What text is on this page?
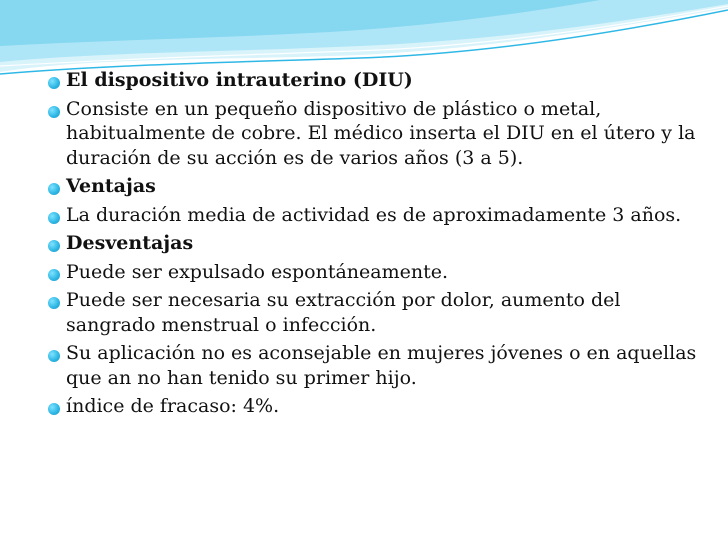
El dispositivo intrauterino (DIU)
Consiste en un pequeño dispositivo de plástico o metal, habitualmente de cobre. El médico inserta el DIU en el útero y la duración de su acción es de varios años (3 a 5).
Ventajas
La duración media de actividad es de aproximadamente 3 años.
Desventajas
Puede ser expulsado espontáneamente.
Puede ser necesaria su extracción por dolor, aumento del sangrado menstrual o infección.
Su aplicación no es aconsejable en mujeres jóvenes o en aquellas que an no han tenido su primer hijo.
índice de fracaso: 4%.
